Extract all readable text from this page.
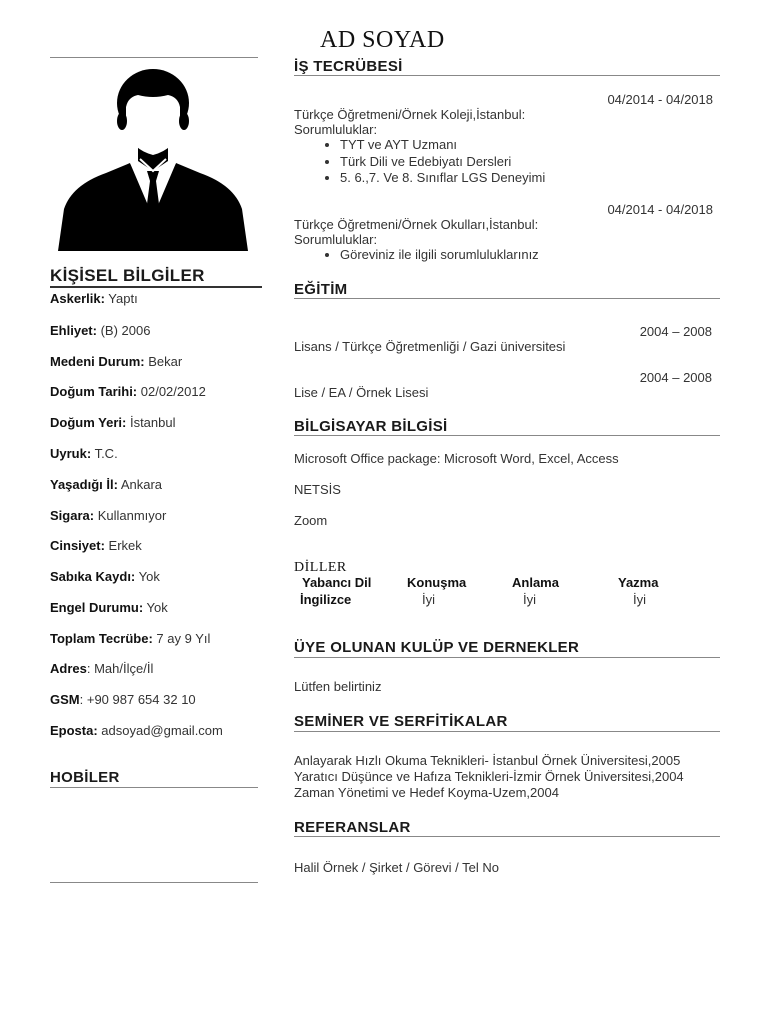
AD SOYAD
KİŞİSEL BİLGİLER
Askerlik: Yaptı
Ehliyet: (B) 2006
Medeni Durum: Bekar
Doğum Tarihi: 02/02/2012
Doğum Yeri: İstanbul
Uyruk: T.C.
Yaşadığı İl: Ankara
Sigara: Kullanmıyor
Cinsiyet: Erkek
Sabıka Kaydı: Yok
Engel Durumu: Yok
Toplam Tecrübe: 7 ay 9 Yıl
Adres: Mah/İlçe/İl
GSM: +90 987 654 32 10
Eposta: adsoyad@gmail.com
HOBİLER
İŞ TECRÜBESİ
04/2014 - 04/2018
Türkçe Öğretmeni/Örnek Koleji,İstanbul:
Sorumluluklar:
• TYT ve AYT Uzmanı
• Türk Dili ve Edebiyatı Dersleri
• 5. 6.,7. Ve 8. Sınıflar LGS Deneyimi
04/2014 - 04/2018
Türkçe Öğretmeni/Örnek Okulları,İstanbul:
Sorumluluklar:
• Göreviniz ile ilgili sorumluluklarınız
EĞİTİM
2004 – 2008
Lisans / Türkçe Öğretmenliği / Gazi üniversitesi
2004 – 2008
Lise / EA / Örnek Lisesi
BİLGİSAYAR BİLGİSİ
Microsoft Office package: Microsoft Word, Excel, Access
NETSİS
Zoom
DİLLER
Yabancı Dil	Konuşma	Anlama	Yazma
İngilizce	İyi	İyi	İyi
ÜYE OLUNAN KULÜP VE DERNEKLER
Lütfen belirtiniz
SEMİNER VE SERFİTİKALAR
Anlayarak Hızlı Okuma Teknikleri- İstanbul Örnek Üniversitesi,2005
Yaratıcı Düşünce ve Hafıza Teknikleri-İzmir Örnek Üniversitesi,2004
Zaman Yönetimi ve Hedef Koyma-Uzem,2004
REFERANSLAR
Halil Örnek / Şirket / Görevi / Tel No
